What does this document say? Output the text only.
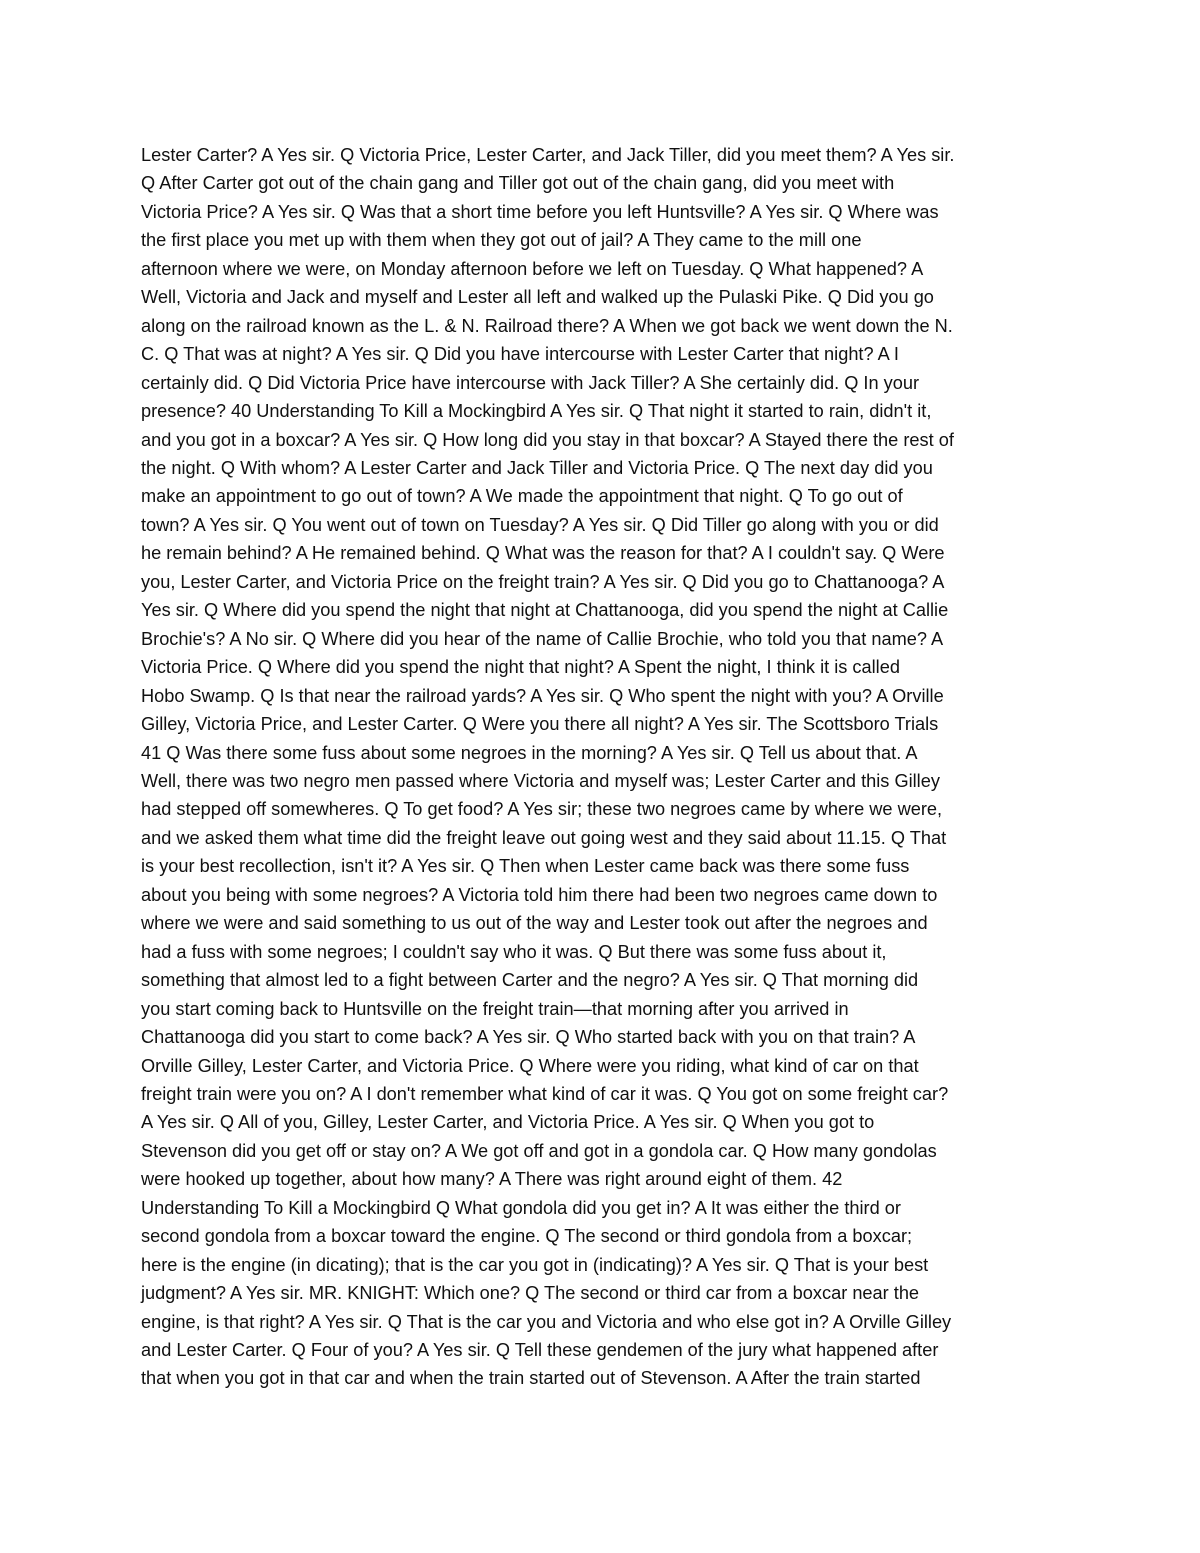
Lester Carter? A Yes sir. Q Victoria Price, Lester Carter, and Jack Tiller, did you meet them? A Yes sir.
Q After Carter got out of the chain gang and Tiller got out of the chain gang, did you meet with
Victoria Price? A Yes sir. Q Was that a short time before you left Huntsville? A Yes sir. Q Where was
the first place you met up with them when they got out of jail? A They came to the mill one
afternoon where we were, on Monday afternoon before we left on Tuesday. Q What happened? A
Well, Victoria and Jack and myself and Lester all left and walked up the Pulaski Pike. Q Did you go
along on the railroad known as the L. & N. Railroad there? A When we got back we went down the N.
C. Q That was at night? A Yes sir. Q Did you have intercourse with Lester Carter that night? A I
certainly did. Q Did Victoria Price have intercourse with Jack Tiller? A She certainly did. Q In your
presence? 40 Understanding To Kill a Mockingbird A Yes sir. Q That night it started to rain, didn't it,
and you got in a boxcar? A Yes sir. Q How long did you stay in that boxcar? A Stayed there the rest of
the night. Q With whom? A Lester Carter and Jack Tiller and Victoria Price. Q The next day did you
make an appointment to go out of town? A We made the appointment that night. Q To go out of
town? A Yes sir. Q You went out of town on Tuesday? A Yes sir. Q Did Tiller go along with you or did
he remain behind? A He remained behind. Q What was the reason for that? A I couldn't say. Q Were
you, Lester Carter, and Victoria Price on the freight train? A Yes sir. Q Did you go to Chattanooga? A
Yes sir. Q Where did you spend the night that night at Chattanooga, did you spend the night at Callie
Brochie's? A No sir. Q Where did you hear of the name of Callie Brochie, who told you that name? A
Victoria Price. Q Where did you spend the night that night? A Spent the night, I think it is called
Hobo Swamp. Q Is that near the railroad yards? A Yes sir. Q Who spent the night with you? A Orville
Gilley, Victoria Price, and Lester Carter. Q Were you there all night? A Yes sir. The Scottsboro Trials
41 Q Was there some fuss about some negroes in the morning? A Yes sir. Q Tell us about that. A
Well, there was two negro men passed where Victoria and myself was; Lester Carter and this Gilley
had stepped off somewheres. Q To get food? A Yes sir; these two negroes came by where we were,
and we asked them what time did the freight leave out going west and they said about 11.15. Q That
is your best recollection, isn't it? A Yes sir. Q Then when Lester came back was there some fuss
about you being with some negroes? A Victoria told him there had been two negroes came down to
where we were and said something to us out of the way and Lester took out after the negroes and
had a fuss with some negroes; I couldn't say who it was. Q But there was some fuss about it,
something that almost led to a fight between Carter and the negro? A Yes sir. Q That morning did
you start coming back to Huntsville on the freight train—that morning after you arrived in
Chattanooga did you start to come back? A Yes sir. Q Who started back with you on that train? A
Orville Gilley, Lester Carter, and Victoria Price. Q Where were you riding, what kind of car on that
freight train were you on? A I don't remember what kind of car it was. Q You got on some freight car?
A Yes sir. Q All of you, Gilley, Lester Carter, and Victoria Price. A Yes sir. Q When you got to
Stevenson did you get off or stay on? A We got off and got in a gondola car. Q How many gondolas
were hooked up together, about how many? A There was right around eight of them. 42
Understanding To Kill a Mockingbird Q What gondola did you get in? A It was either the third or
second gondola from a boxcar toward the engine. Q The second or third gondola from a boxcar;
here is the engine (in dicating); that is the car you got in (indicating)? A Yes sir. Q That is your best
judgment? A Yes sir. MR. KNIGHT: Which one? Q The second or third car from a boxcar near the
engine, is that right? A Yes sir. Q That is the car you and Victoria and who else got in? A Orville Gilley
and Lester Carter. Q Four of you? A Yes sir. Q Tell these gendemen of the jury what happened after
that when you got in that car and when the train started out of Stevenson. A After the train started
